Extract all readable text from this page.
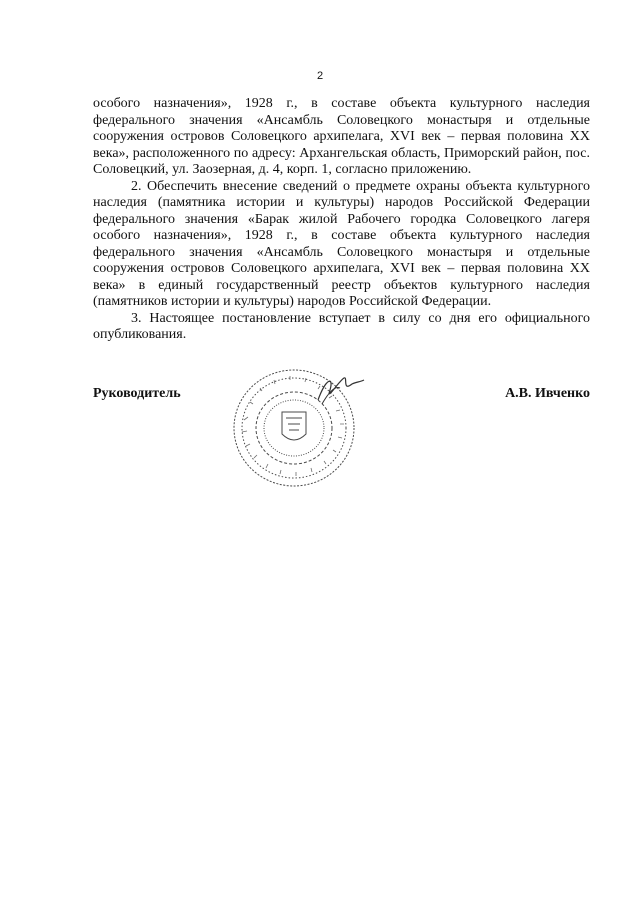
2

особого назначения», 1928 г., в составе объекта культурного наследия федерального значения «Ансамбль Соловецкого монастыря и отдельные сооружения островов Соловецкого архипелага, XVI век – первая половина XX века», расположенного по адресу: Архангельская область, Приморский район, пос. Соловецкий, ул. Заозерная, д. 4, корп. 1, согласно приложению.

2. Обеспечить внесение сведений о предмете охраны объекта культурного наследия (памятника истории и культуры) народов Российской Федерации федерального значения «Барак жилой Рабочего городка Соловецкого лагеря особого назначения», 1928 г., в составе объекта культурного наследия федерального значения «Ансамбль Соловецкого монастыря и отдельные сооружения островов Соловецкого архипелага, XVI век – первая половина XX века» в единый государственный реестр объектов культурного наследия (памятников истории и культуры) народов Российской Федерации.

3. Настоящее постановление вступает в силу со дня его официального опубликования.

Руководитель	А.В. Ивченко
